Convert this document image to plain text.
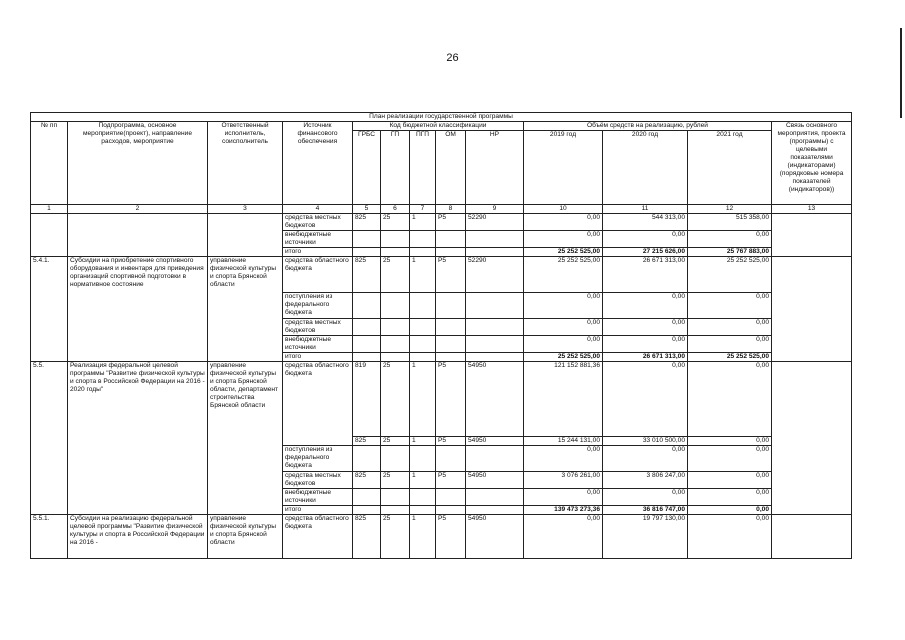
26
План реализации государственной программы												
№ пп	Подпрограмма, основное мероприятие(проект), направление расходов, мероприятие	Ответственный исполнитель, соисполнитель	Источник финансового обеспечения	Код бюджетной классификации					Объём средств на реализацию, рублей			Связь основного мероприятия, проекта (программы) с целевыми показателями (индикаторами) (порядковые номера показателей (индикаторов))
				ГРБС	ГП	ПГП	ОМ	НР	2019 год	2020 год	2021 год	

1	2	3	4	5	6	7	8	9	10	11	12	13
			средства местных бюджетов	825	25	1	Р5	52290	0,00	544 313,00	515 358,00	
			внебюджетные источники						0,00	0,00	0,00	
			итого						25 252 525,00	27 215 626,00	25 767 883,00	
5.4.1.	Субсидии на приобретение спортивного оборудования и инвентаря для приведения организаций спортивной подготовки в нормативное состояние	управление физической культуры и спорта Брянской области	средства областного бюджета	825	25	1	Р5	52290	25 252 525,00	26 671 313,00	25 252 525,00	
			поступления из федерального бюджета						0,00	0,00	0,00	
			средства местных бюджетов						0,00	0,00	0,00	
			внебюджетные источники						0,00	0,00	0,00	
			итого						25 252 525,00	26 671 313,00	25 252 525,00	
5.5.	Реализация федеральной целевой программы "Развитие физической культуры и спорта в Российской Федерации на 2016 - 2020 годы"	управление физической культуры и спорта Брянской области, департамент строительства Брянской области	средства областного бюджета	819	25	1	Р5	54950	121 152 881,36	0,00	0,00	
				825	25	1	Р5	54950	15 244 131,00	33 010 500,00	0,00	
			поступления из федерального бюджета						0,00	0,00	0,00	
			средства местных бюджетов	825	25	1	Р5	54950	3 076 261,00	3 806 247,00	0,00	
			внебюджетные источники						0,00	0,00	0,00	
			итого						139 473 273,36	36 816 747,00	0,00	
5.5.1.	Субсидии на реализацию федеральной целевой программы "Развитие физической культуры и спорта в Российской Федерации на 2016 -	управление физической культуры и спорта Брянской области	средства областного бюджета	825	25	1	Р5	54950	0,00	19 797 130,00	0,00	
